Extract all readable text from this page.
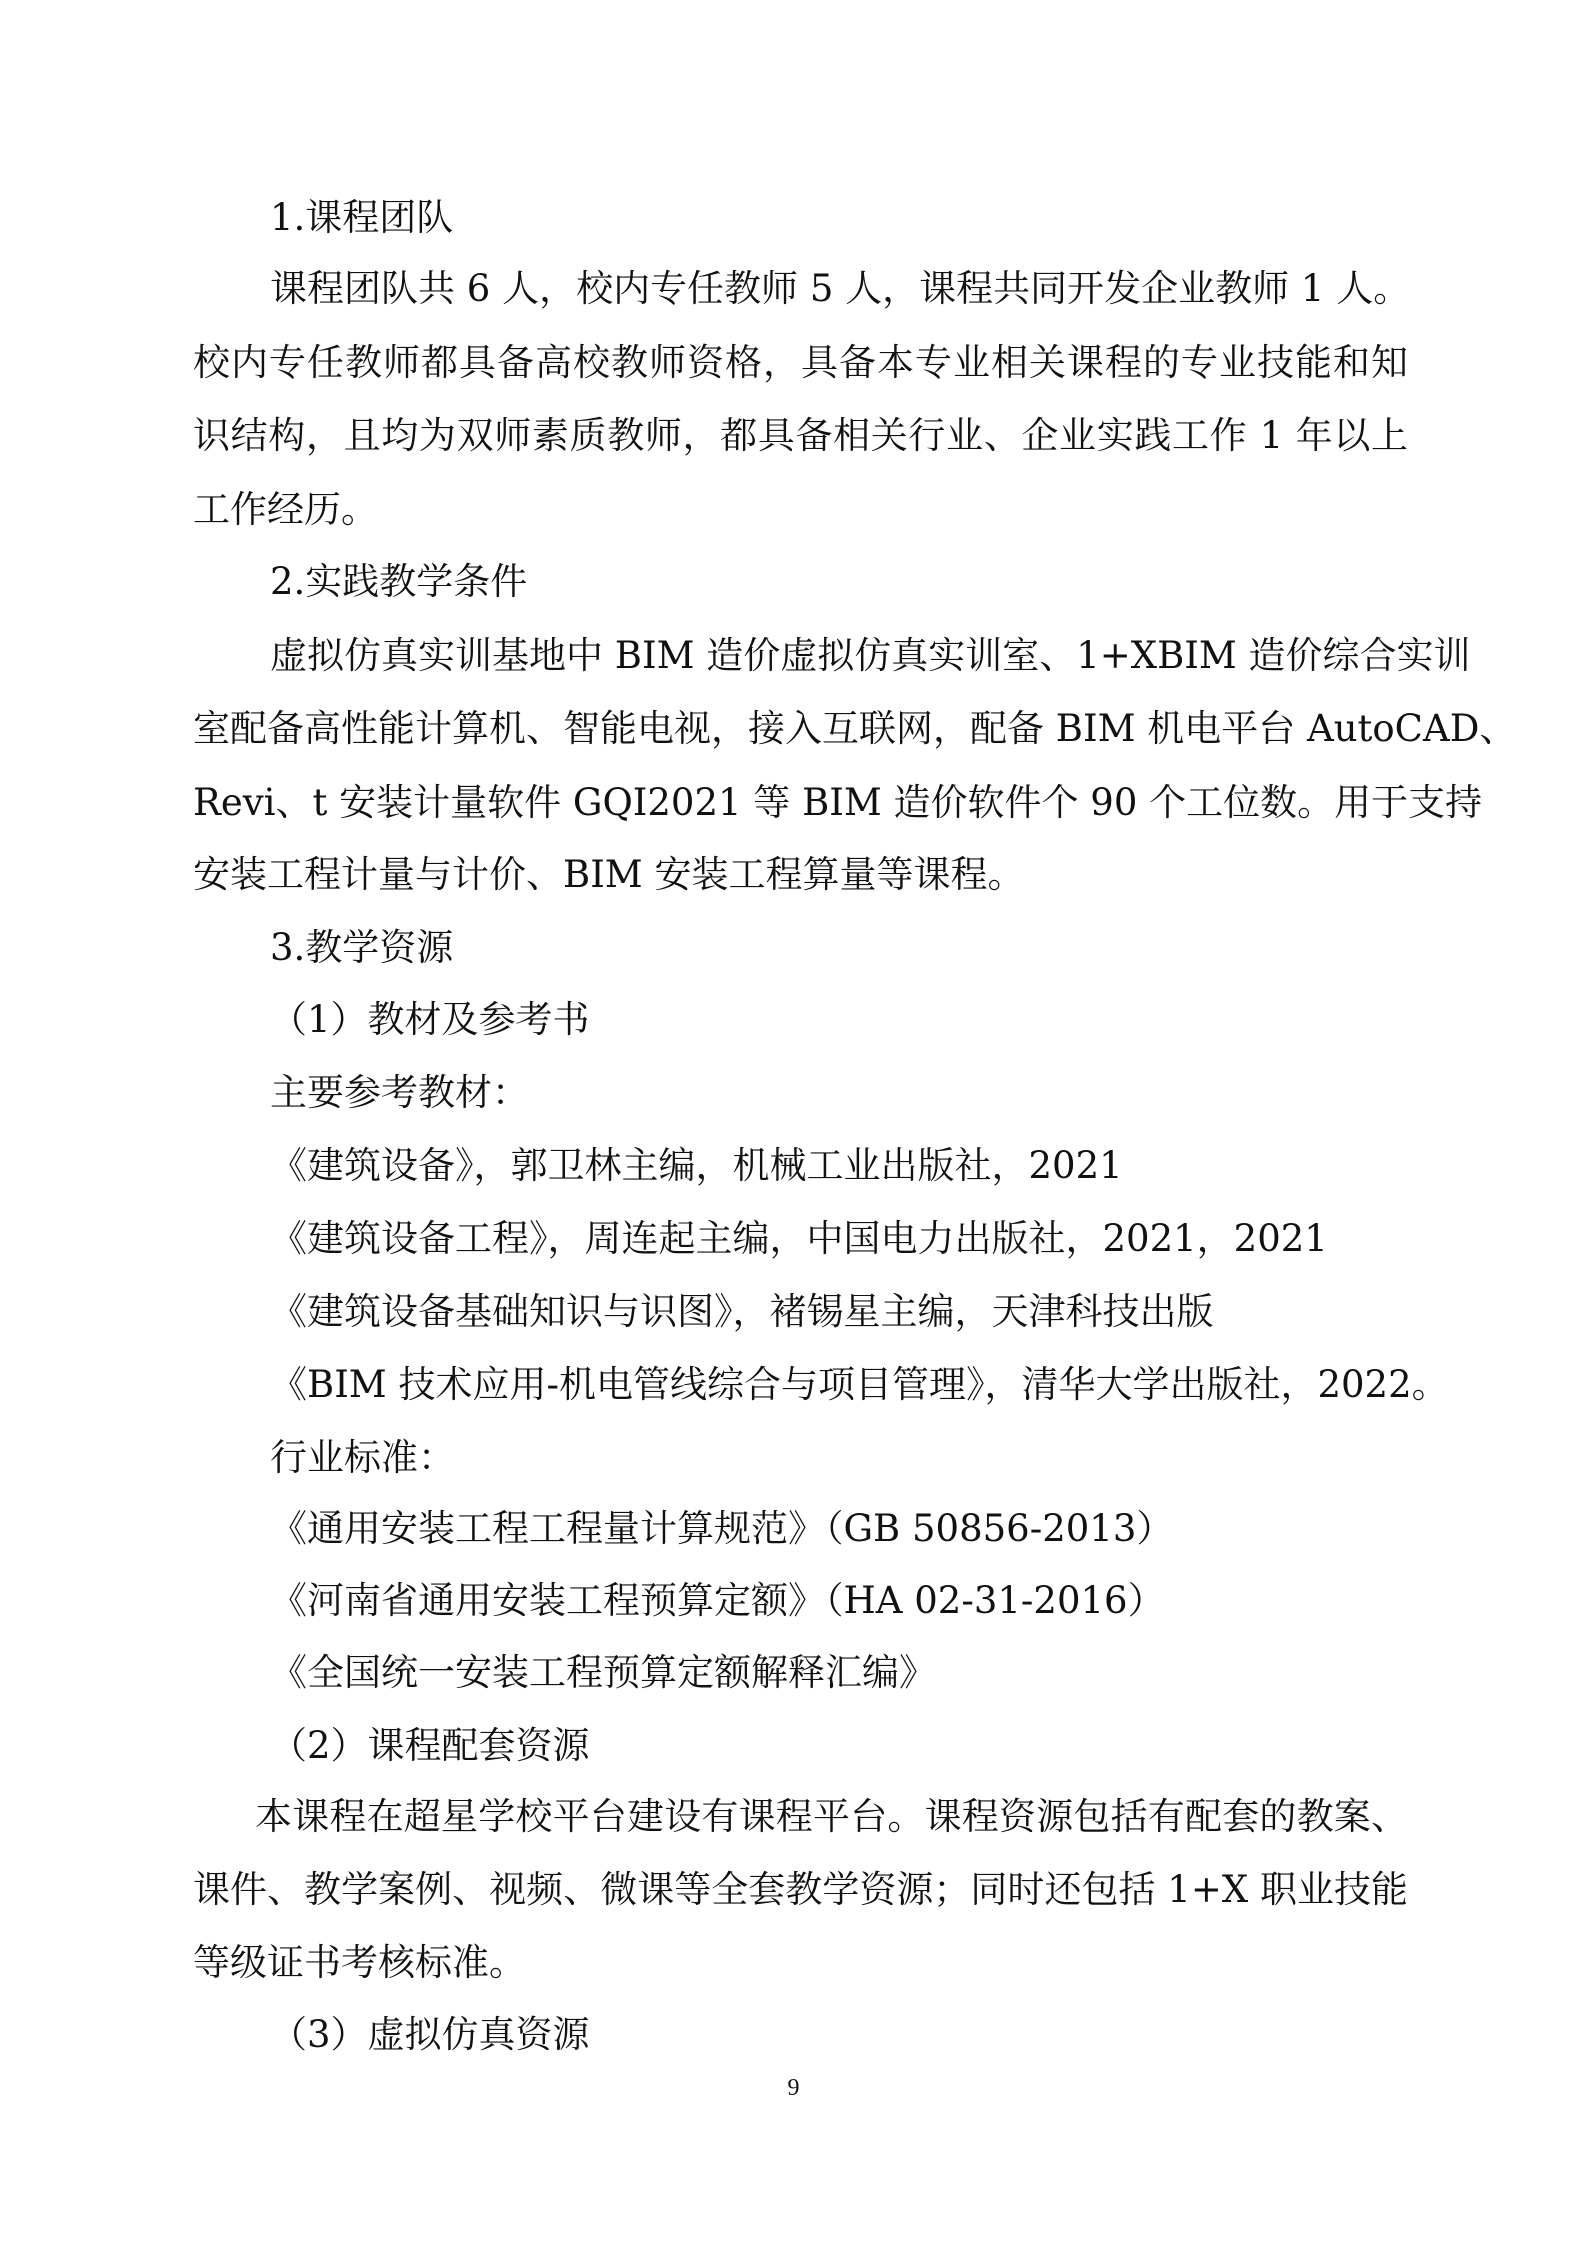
1.课程团队

课程团队共 6 人，校内专任教师 5 人，课程共同开发企业教师 1 人。

校内专任教师都具备高校教师资格，具备本专业相关课程的专业技能和知

识结构，且均为双师素质教师，都具备相关行业、企业实践工作 1 年以上

工作经历。

2.实践教学条件

虚拟仿真实训基地中 BIM 造价虚拟仿真实训室、1+XBIM 造价综合实训

室配备高性能计算机、智能电视，接入互联网，配备 BIM 机电平台 AutoCAD、

Revi、t 安装计量软件 GQI2021 等 BIM 造价软件个 90 个工位数。用于支持

安装工程计量与计价、BIM 安装工程算量等课程。

3.教学资源

（1）教材及参考书

主要参考教材：

《建筑设备》，郭卫林主编，机械工业出版社，2021

《建筑设备工程》，周连起主编，中国电力出版社，2021，2021

《建筑设备基础知识与识图》，褚锡星主编，天津科技出版

《BIM 技术应用-机电管线综合与项目管理》，清华大学出版社，2022。

行业标准：

《通用安装工程工程量计算规范》（GB 50856-2013）

《河南省通用安装工程预算定额》（HA 02-31-2016）

《全国统一安装工程预算定额解释汇编》

（2）课程配套资源

本课程在超星学校平台建设有课程平台。课程资源包括有配套的教案、

课件、教学案例、视频、微课等全套教学资源；同时还包括 1+X 职业技能

等级证书考核标准。

（3）虚拟仿真资源

9
